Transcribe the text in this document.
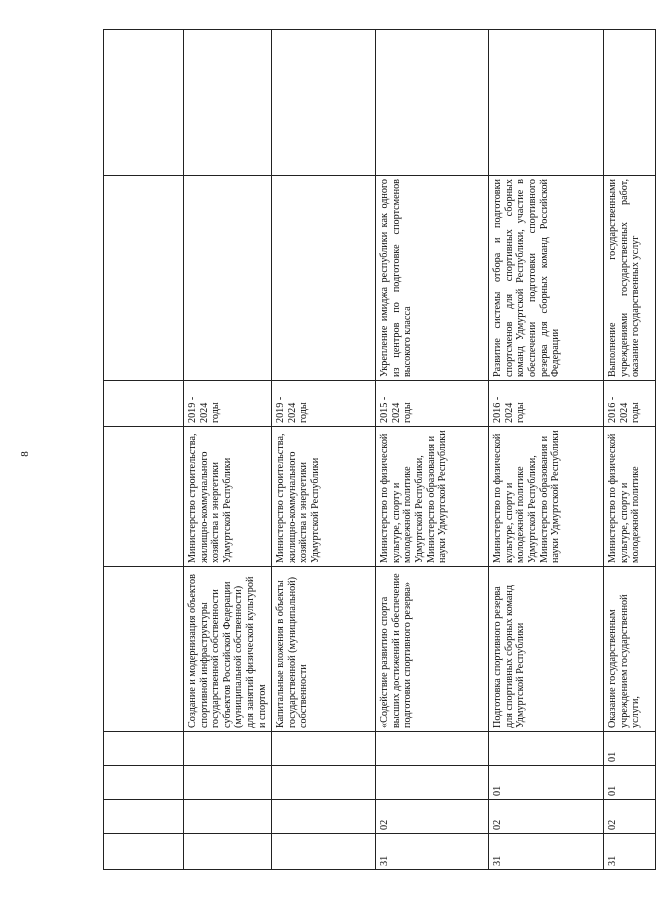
8

				Создание и модернизация объектов спортивной инфраструктуры государственной собственности субъектов Российской Федерации (муниципальной собственности) для занятий физической культурой и спортом	Министерство строительства, жилищно-коммунального хозяйства и энергетики Удмуртской Республики	2019 - 2024 годы		
				Капитальные вложения в объекты государственной (муниципальной) собственности	Министерство строительства, жилищно-коммунального хозяйства и энергетики Удмуртской Республики	2019 - 2024 годы		
31	02			«Содействие развитию спорта высших достижений и обеспечение подготовки спортивного резерва»	Министерство по физической культуре, спорту и молодежной политике Удмуртской Республики, Министерство образования и науки Удмуртской Республики	2015 - 2024 годы	Укрепление имиджа республики как одного из центров по подготовке спортсменов высокого класса	
31	02	01		Подготовка спортивного резерва для спортивных сборных команд Удмуртской Республики	Министерство по физической культуре, спорту и молодежной политике Удмуртской Республики, Министерство образования и науки Удмуртской Республики	2016 - 2024 годы	Развитие системы отбора и подготовки спортсменов для спортивных сборных команд Удмуртской Республики, участие в обеспечении подготовки спортивного резерва для сборных команд Российской Федерации	
31	02	01	01	Оказание государственным учреждением государственной услуги,	Министерство по физической культуре, спорту и молодежной политике	2016 - 2024 годы	Выполнение государственными учреждениями государственных работ, оказание государственных услуг	
